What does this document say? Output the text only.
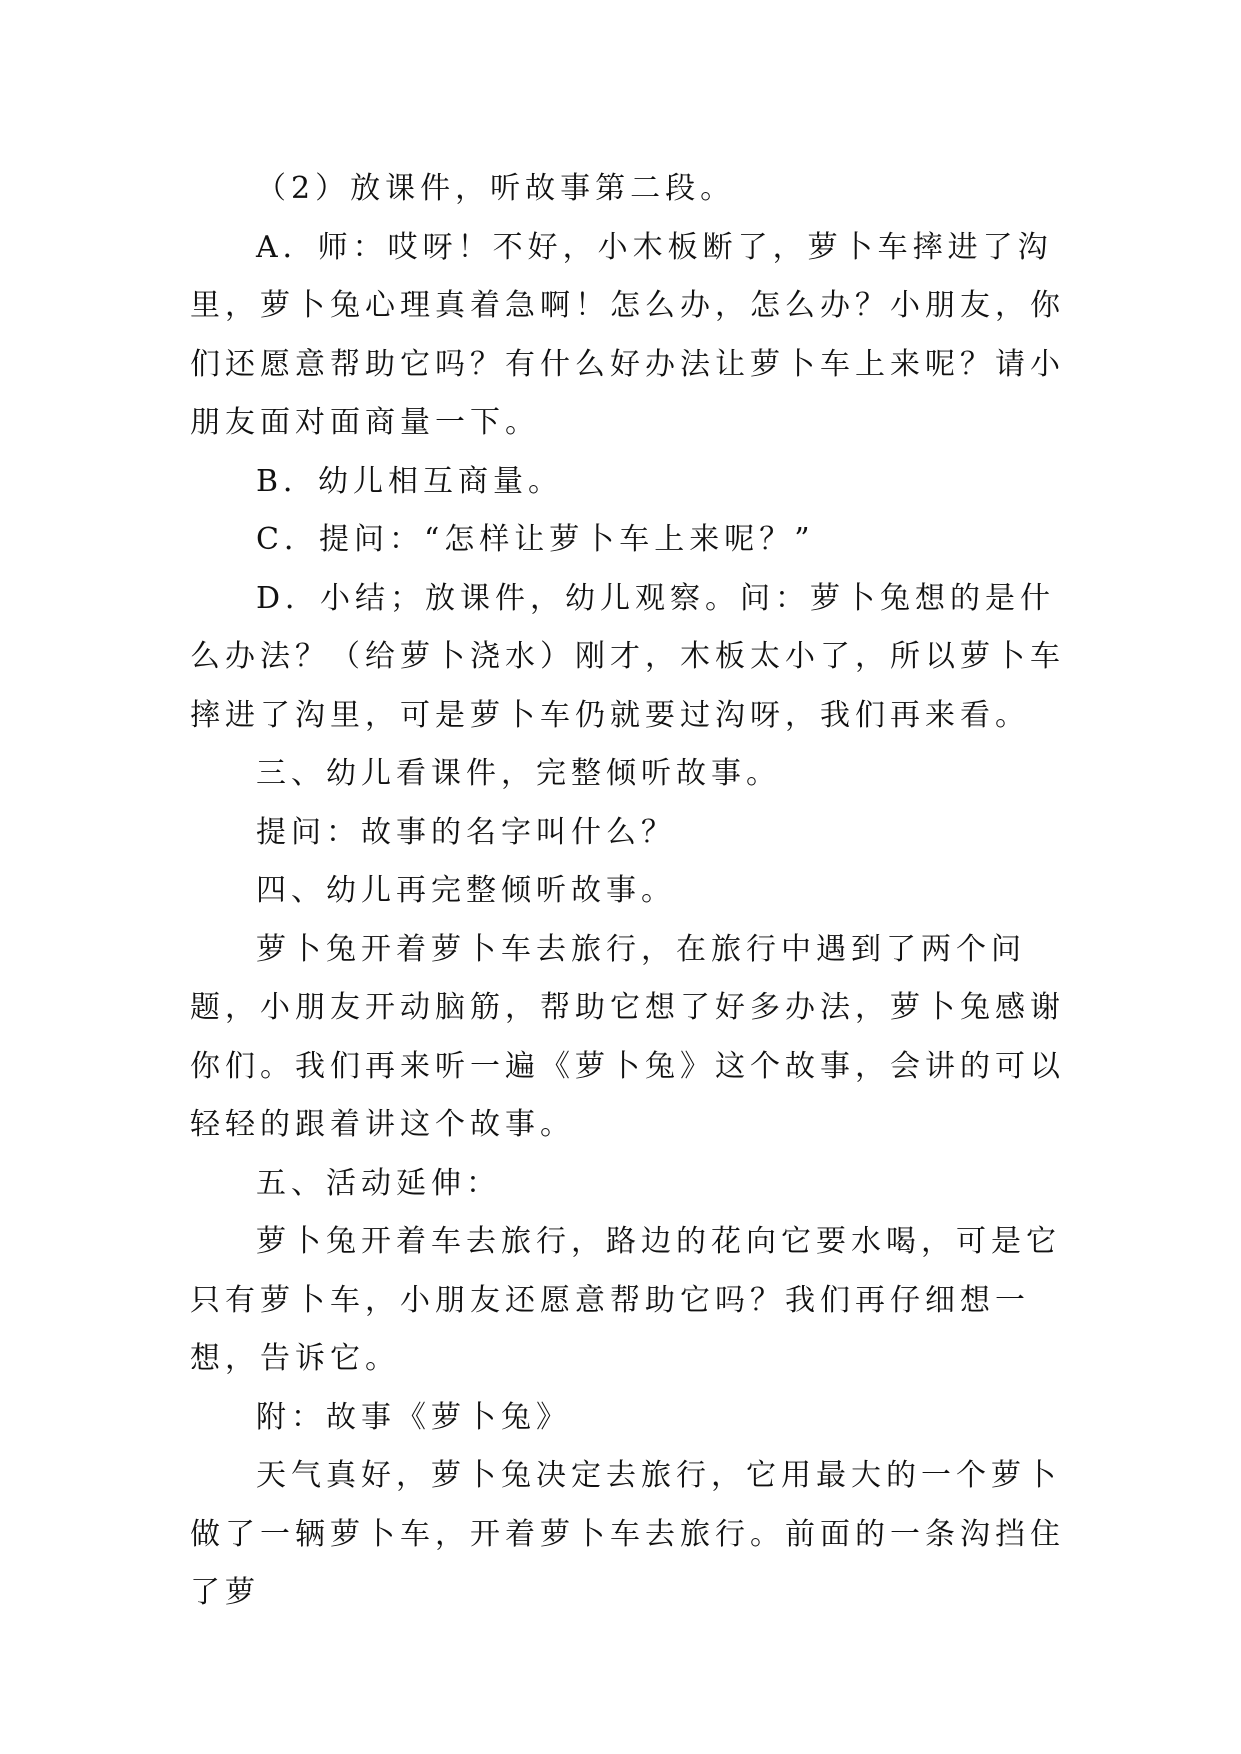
（2）放课件，听故事第二段。

A．师：哎呀！不好，小木板断了，萝卜车摔进了沟里，萝卜兔心理真着急啊！怎么办，怎么办？小朋友，你们还愿意帮助它吗？有什么好办法让萝卜车上来呢？请小朋友面对面商量一下。

B．幼儿相互商量。

C．提问：“怎样让萝卜车上来呢？”

D．小结；放课件，幼儿观察。问：萝卜兔想的是什么办法？（给萝卜浇水）刚才，木板太小了，所以萝卜车摔进了沟里，可是萝卜车仍就要过沟呀，我们再来看。

三、幼儿看课件，完整倾听故事。

提问：故事的名字叫什么？

四、幼儿再完整倾听故事。

萝卜兔开着萝卜车去旅行，在旅行中遇到了两个问题，小朋友开动脑筋，帮助它想了好多办法，萝卜兔感谢你们。我们再来听一遍《萝卜兔》这个故事，会讲的可以轻轻的跟着讲这个故事。

五、活动延伸：

萝卜兔开着车去旅行，路边的花向它要水喝，可是它只有萝卜车，小朋友还愿意帮助它吗？我们再仔细想一想，告诉它。

附：故事《萝卜兔》

天气真好，萝卜兔决定去旅行，它用最大的一个萝卜做了一辆萝卜车，开着萝卜车去旅行。前面的一条沟挡住了萝
